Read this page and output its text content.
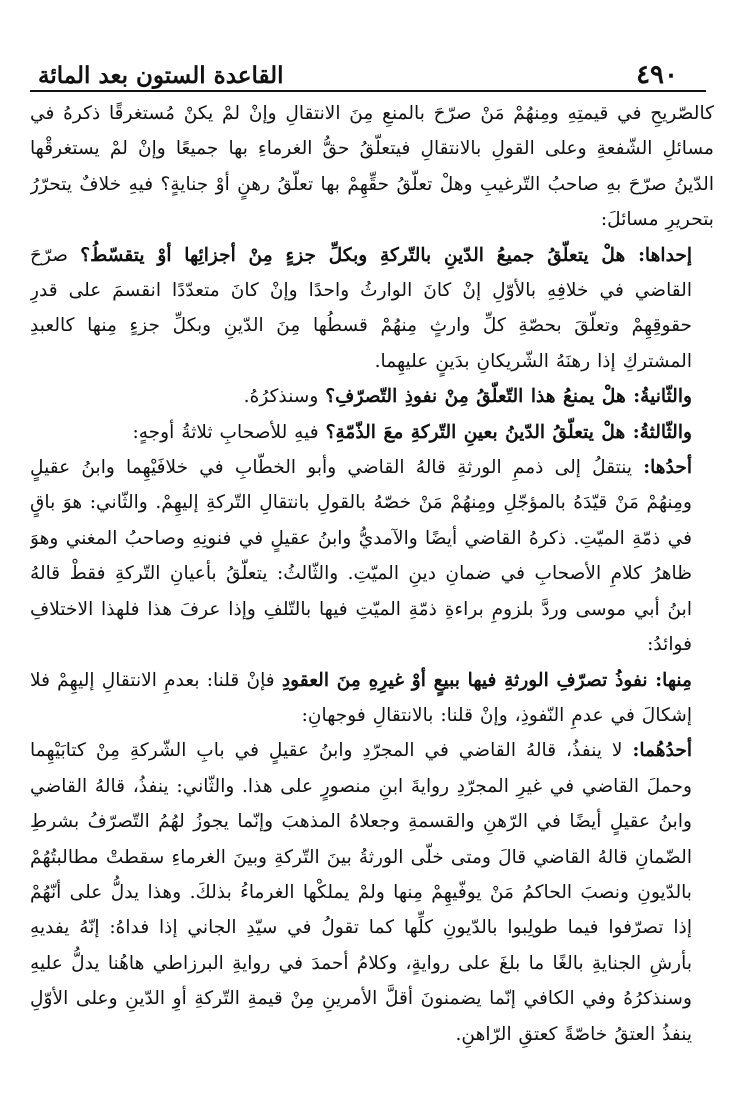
٤٩٠
القاعدة الستون بعد المائة

كالصّريحِ في قيمتِهِ ومِنهُمْ مَنْ صرّحَ بالمنعِ مِنَ الانتقالِ وإنْ لمْ يكنْ مُستغرقًا ذكرهُ في مسائلِ الشّفعةِ وعلى القولِ بالانتقالِ فيتعلّقُ حقُّ الغرماءِ بها جميعًا وإنْ لمْ يستغرقْها الدّينُ صرّحَ بهِ صاحبُ التّرغيبِ وهلْ تعلّقُ حقِّهِمْ بها تعلّقُ رهنٍ أوْ جنايةٍ؟ فيهِ خلافٌ يتحرّرُ بتحريرِ مسائلَ:

إحداها: هلْ يتعلّقُ جميعُ الدّينِ بالتّركةِ وبكلِّ جزءٍ مِنْ أجزائِها أوْ يتقسّطُ؟ صرّحَ القاضي في خلافِهِ بالأوّلِ إنْ كانَ الوارثُ واحدًا وإنْ كانَ متعدّدًا انقسمَ على قدرِ حقوقِهِمْ وتعلّقَ بحصّةِ كلِّ وارثٍ مِنهُمْ قسطُها مِنَ الدّينِ وبكلِّ جزءٍ مِنها كالعبدِ المشتركِ إذا رهنَهُ الشّريكانِ بدَينٍ عليهِما.

والثّانيةُ: هلْ يمنعُ هذا التّعلّقُ مِنْ نفوذِ التّصرّفِ؟ وسنذكرُهُ.

والثّالثةُ: هلْ يتعلّقُ الدّينُ بعينِ التّركةِ معَ الذّمّةِ؟ فيهِ للأصحابِ ثلاثةُ أوجهٍ:

أحدُها: ينتقلُ إلى ذممِ الورثةِ قالهُ القاضي وأبو الخطّابِ في خلافَيْهِما وابنُ عقيلٍ ومِنهُمْ مَنْ قيّدَهُ بالمؤجّلِ ومِنهُمْ مَنْ خصّهُ بالقولِ بانتقالِ التّركةِ إليهِمْ. والثّاني: هوَ باقٍ في ذمّةِ الميّتِ. ذكرهُ القاضي أيضًا والآمديُّ وابنُ عقيلٍ في فنونِهِ وصاحبُ المغني وهوَ ظاهرُ كلامِ الأصحابِ في ضمانِ دينِ الميّتِ. والثّالثُ: يتعلّقُ بأعيانِ التّركةِ فقطْ قالهُ ابنُ أبي موسى وردَّ بلزومِ براءةِ ذمّةِ الميّتِ فيها بالتّلفِ وإذا عرفَ هذا فلهذا الاختلافِ فوائدُ:

مِنها: نفوذُ تصرّفِ الورثةِ فيها ببيعٍ أوْ غيرِهِ مِنَ العقودِ فإنْ قلنا: بعدمِ الانتقالِ إليهِمْ فلا إشكالَ في عدمِ النّفوذِ، وإنْ قلنا: بالانتقالِ فوجهانِ:

أحدُهُما: لا ينفذُ، قالهُ القاضي في المجرّدِ وابنُ عقيلٍ في بابِ الشّركةِ مِنْ كتابَيْهِما وحملَ القاضي في غيرِ المجرّدِ روايةَ ابنِ منصورٍ على هذا. والثّاني: ينفذُ، قالهُ القاضي وابنُ عقيلٍ أيضًا في الرّهنِ والقسمةِ وجعلاهُ المذهبَ وإنّما يجوزُ لهُمُ التّصرّفُ بشرطِ الضّمانِ قالهُ القاضي قالَ ومتى خلّى الورثةُ بينَ التّركةِ وبينَ الغرماءِ سقطتْ مطالبتُهُمْ بالدّيونِ ونصبَ الحاكمُ مَنْ يوفّيهِمْ مِنها ولمْ يملكْها الغرماءُ بذلكَ. وهذا يدلُّ على أنّهُمْ إذا تصرّفوا فيما طولِبوا بالدّيونِ كلِّها كما تقولُ في سيّدِ الجاني إذا فداهُ: إنّهُ يفديهِ بأرشِ الجنايةِ بالغًا ما بلغَ على روايةٍ، وكلامُ أحمدَ في روايةِ البرزاطي هاهُنا يدلُّ عليهِ وسنذكرُهُ وفي الكافي إنّما يضمنونَ أقلَّ الأمرينِ مِنْ قيمةِ التّركةِ أوِ الدّينِ وعلى الأوّلِ ينفذُ العتقُ خاصّةً كعتقِ الرّاهنِ.
